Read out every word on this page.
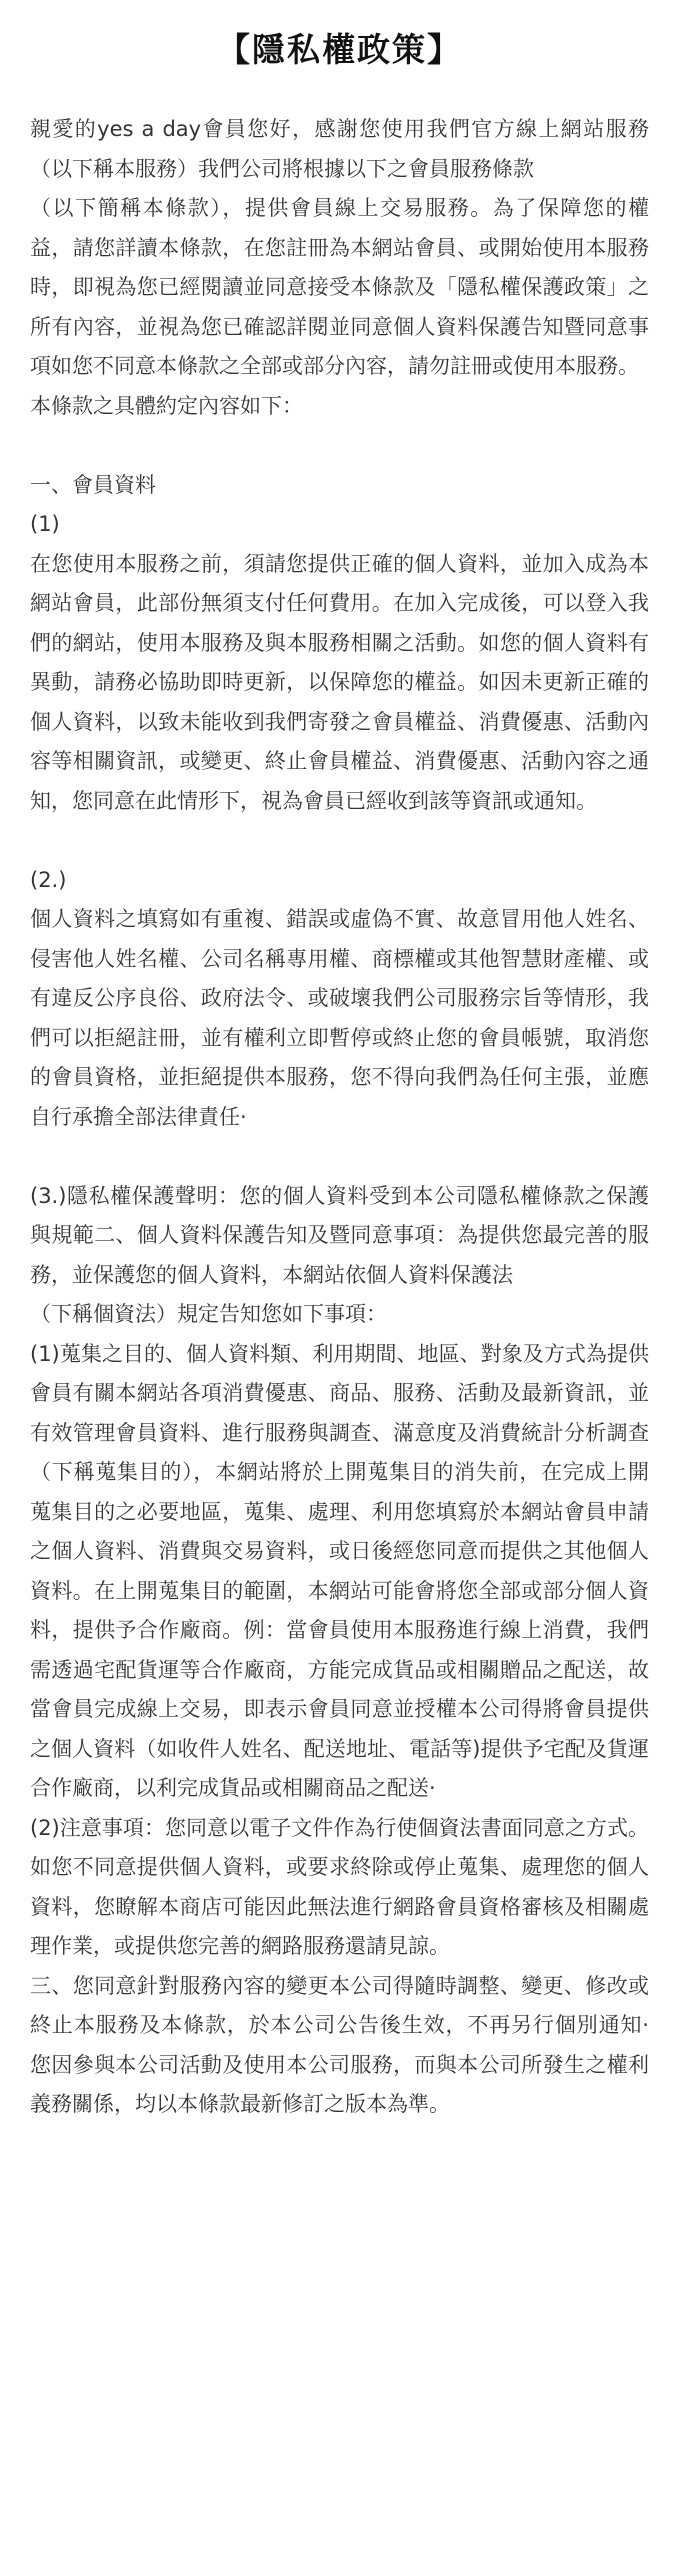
【隱私權政策】

親愛的yes a day會員您好，感謝您使用我們官方線上網站服務（以下稱本服務）我們公司將根據以下之會員服務條款

（以下簡稱本條款），提供會員線上交易服務。為了保障您的權益，請您詳讀本條款，在您註冊為本網站會員、或開始使用本服務時，即視為您已經閱讀並同意接受本條款及「隱私權保護政策」之所有內容，並視為您已確認詳閱並同意個人資料保護告知暨同意事項如您不同意本條款之全部或部分內容，請勿註冊或使用本服務。

本條款之具體約定內容如下：

一、會員資料

(1)

在您使用本服務之前，須請您提供正確的個人資料，並加入成為本網站會員，此部份無須支付任何費用。在加入完成後，可以登入我們的網站，使用本服務及與本服務相關之活動。如您的個人資料有異動，請務必協助即時更新，以保障您的權益。如因未更新正確的個人資料，以致未能收到我們寄發之會員權益、消費優惠、活動內容等相關資訊，或變更、終止會員權益、消費優惠、活動內容之通知，您同意在此情形下，視為會員已經收到該等資訊或通知。

(2.)

個人資料之填寫如有重複、錯誤或虛偽不實、故意冒用他人姓名、侵害他人姓名權、公司名稱專用權、商標權或其他智慧財產權、或有違反公序良俗、政府法令、或破壞我們公司服務宗旨等情形，我們可以拒絕註冊，並有權利立即暫停或終止您的會員帳號，取消您的會員資格，並拒絕提供本服務，您不得向我們為任何主張，並應自行承擔全部法律責任·

(3.)隱私權保護聲明：您的個人資料受到本公司隱私權條款之保護與規範二、個人資料保護告知及暨同意事項：為提供您最完善的服務，並保護您的個人資料，本網站依個人資料保護法

（下稱個資法）規定告知您如下事項：

(1)蒐集之目的、個人資料類、利用期間、地區、對象及方式為提供會員有關本網站各項消費優惠、商品、服務、活動及最新資訊，並有效管理會員資料、進行服務與調查、滿意度及消費統計分析調查（下稱蒐集目的），本網站將於上開蒐集目的消失前，在完成上開蒐集目的之必要地區，蒐集、處理、利用您填寫於本網站會員申請之個人資料、消費與交易資料，或日後經您同意而提供之其他個人資料。在上開蒐集目的範圍，本網站可能會將您全部或部分個人資料，提供予合作廠商。例：當會員使用本服務進行線上消費，我們需透過宅配貨運等合作廠商，方能完成貨品或相關贈品之配送，故當會員完成線上交易，即表示會員同意並授權本公司得將會員提供之個人資料（如收件人姓名、配送地址、電話等)提供予宅配及貨運合作廠商，以利完成貨品或相關商品之配送·

(2)注意事項：您同意以電子文件作為行使個資法書面同意之方式。如您不同意提供個人資料，或要求終除或停止蒐集、處理您的個人資料，您瞭解本商店可能因此無法進行網路會員資格審核及相關處理作業，或提供您完善的網路服務還請見諒。

三、您同意針對服務內容的變更本公司得隨時調整、變更、修改或終止本服務及本條款，於本公司公告後生效，不再另行個別通知· 您因參與本公司活動及使用本公司服務，而與本公司所發生之權利義務關係，均以本條款最新修訂之版本為準。
